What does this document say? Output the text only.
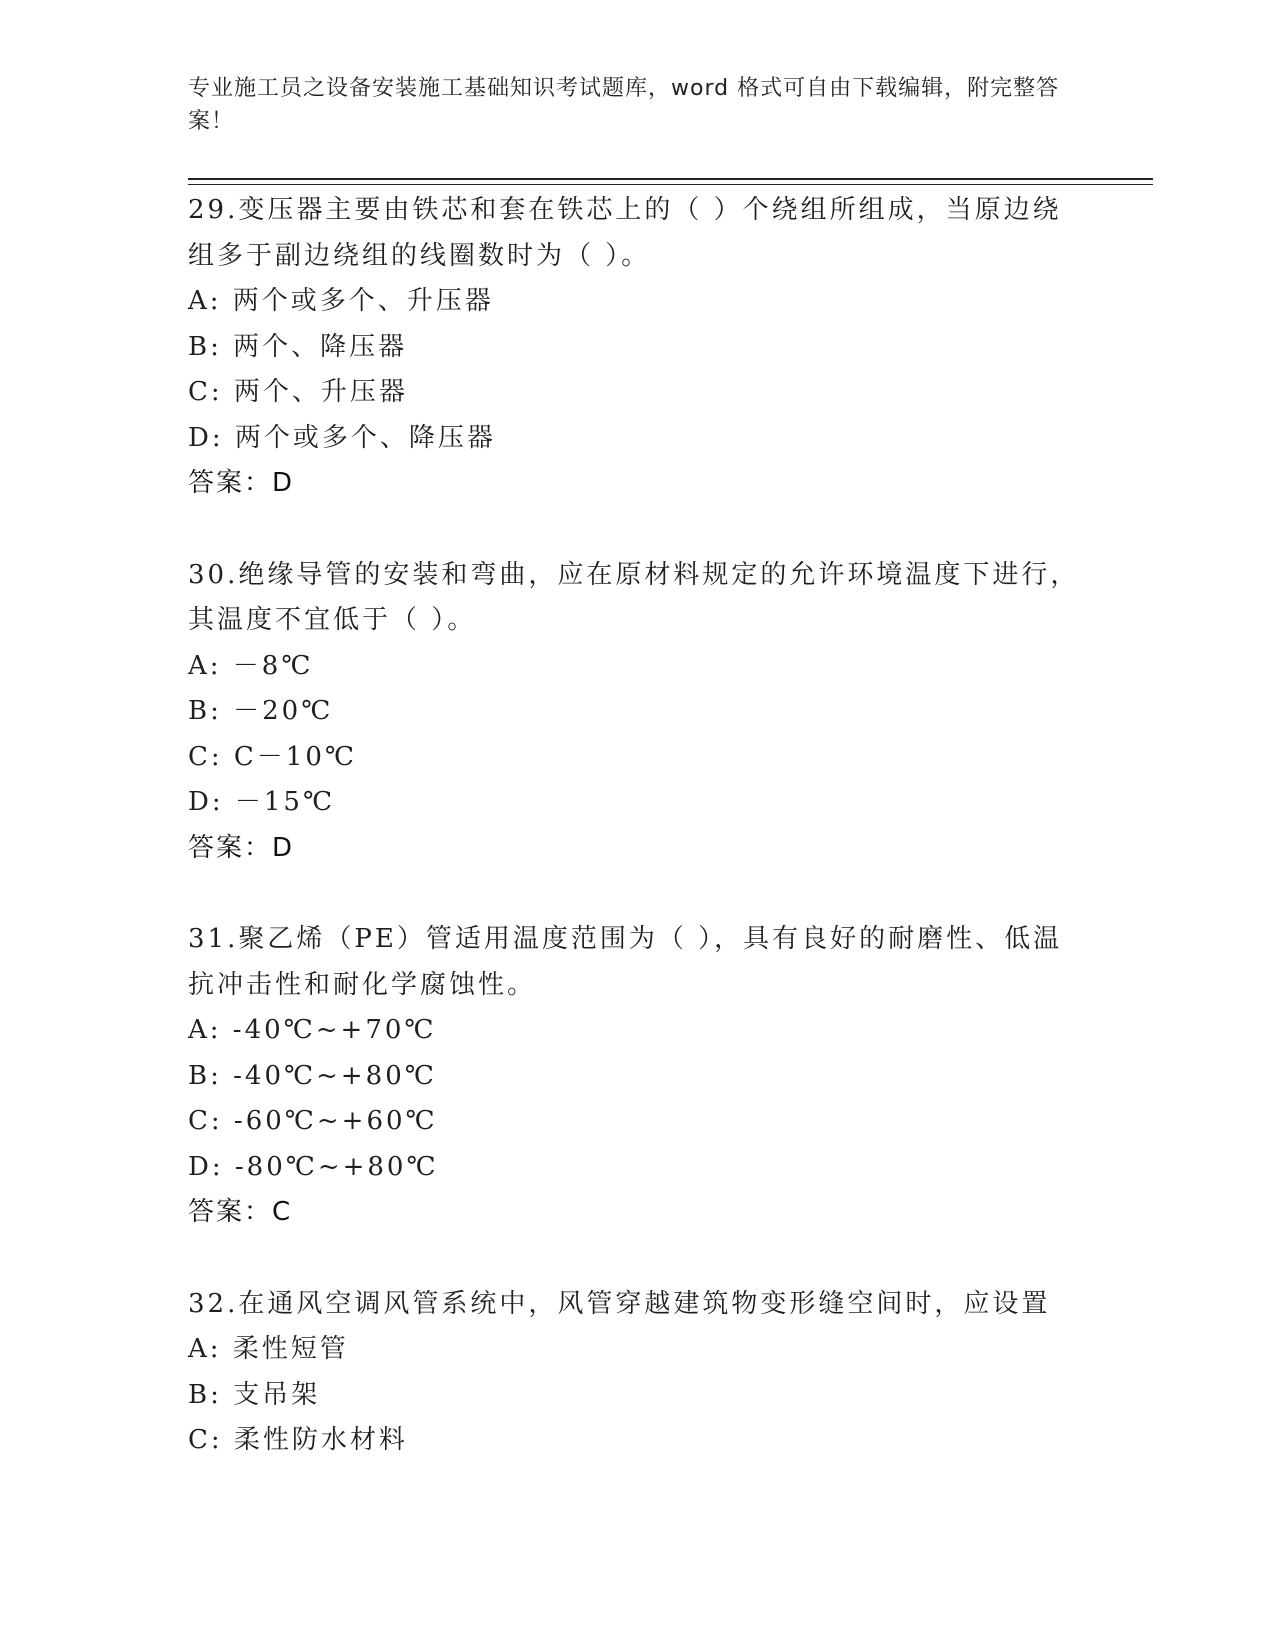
专业施工员之设备安装施工基础知识考试题库，word 格式可自由下载编辑，附完整答案！
29.变压器主要由铁芯和套在铁芯上的（ ）个绕组所组成，当原边绕组多于副边绕组的线圈数时为（ ）。
A: 两个或多个、升压器
B: 两个、降压器
C: 两个、升压器
D: 两个或多个、降压器
答案：D
30.绝缘导管的安装和弯曲，应在原材料规定的允许环境温度下进行，其温度不宜低于（ ）。
A: －8℃
B: －20℃
C: C－10℃
D: －15℃
答案：D
31.聚乙烯（PE）管适用温度范围为（ ），具有良好的耐磨性、低温抗冲击性和耐化学腐蚀性。
A: -40℃~+70℃
B: -40℃~+80℃
C: -60℃~+60℃
D: -80℃~+80℃
答案：C
32.在通风空调风管系统中，风管穿越建筑物变形缝空间时，应设置
A: 柔性短管
B: 支吊架
C: 柔性防水材料
